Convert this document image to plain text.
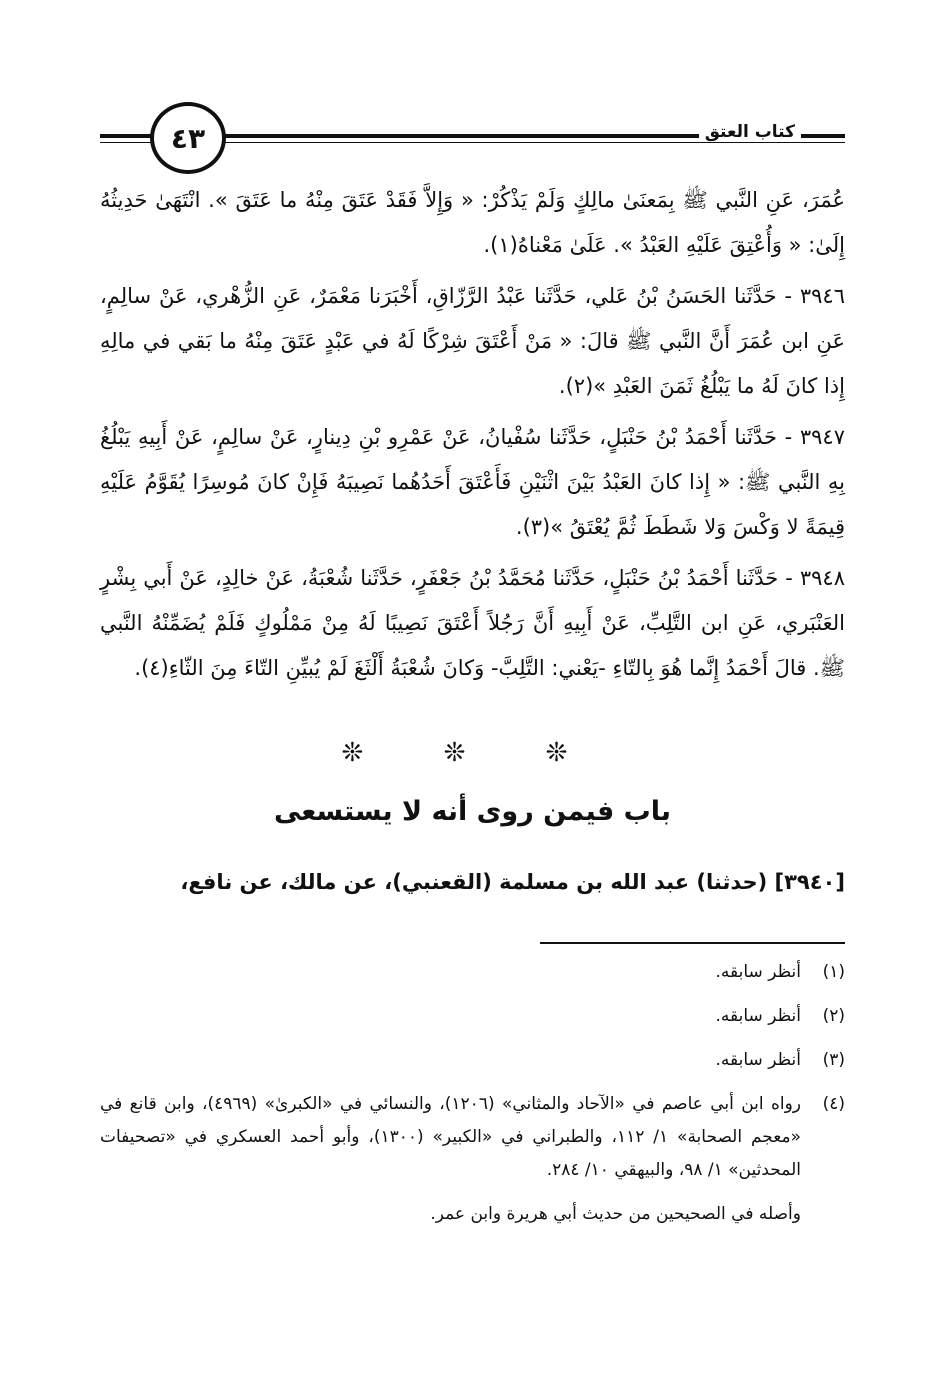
٤٣	كتاب العتق

عُمَرَ، عَنِ النَّبي ﷺ بِمَعنَىٰ مالِكٍ وَلَمْ يَذْكُرْ: « وَإِلاَّ فَقَدْ عَتَقَ مِنْهُ ما عَتَقَ ». انْتَهَىٰ حَدِيثُهُ إِلَىٰ: « وَأُعْتِقَ عَلَيْهِ العَبْدُ ». عَلَىٰ مَعْناهُ(١).

٣٩٤٦ - حَدَّثَنا الحَسَنُ بْنُ عَلي، حَدَّثَنا عَبْدُ الرَّزّاقِ، أَخْبَرَنا مَعْمَرٌ، عَنِ الزُّهْري، عَنْ سالِمٍ، عَنِ ابن عُمَرَ أَنَّ النَّبي ﷺ قالَ: « مَنْ أَعْتَقَ شِرْكًا لَهُ في عَبْدٍ عَتَقَ مِنْهُ ما بَقي في مالِهِ إِذا كانَ لَهُ ما يَبْلُغُ ثَمَنَ العَبْدِ »(٢).

٣٩٤٧ - حَدَّثَنا أَحْمَدُ بْنُ حَنْبَلٍ، حَدَّثَنا سُفْيانُ، عَنْ عَمْرِو بْنِ دِينارٍ، عَنْ سالِمٍ، عَنْ أَبِيهِ يَبْلُغُ بِهِ النَّبي ﷺ: « إِذا كانَ العَبْدُ بَيْنَ اثْنَيْنِ فَأَعْتَقَ أَحَدُهُما نَصِيبَهُ فَإِنْ كانَ مُوسِرًا يُقَوَّمُ عَلَيْهِ قِيمَةً لا وَكْسَ وَلا شَطَطَ ثُمَّ يُعْتَقُ »(٣).

٣٩٤٨ - حَدَّثَنا أَحْمَدُ بْنُ حَنْبَلٍ، حَدَّثَنا مُحَمَّدُ بْنُ جَعْفَرٍ، حَدَّثَنا شُعْبَةُ، عَنْ خالِدٍ، عَنْ أَبي بِشْرٍ العَنْبَري، عَنِ ابن التَّلِبِّ، عَنْ أَبِيهِ أَنَّ رَجُلاً أَعْتَقَ نَصِيبًا لَهُ مِنْ مَمْلُوكٍ فَلَمْ يُضَمِّنْهُ النَّبي ﷺ. قالَ أَحْمَدُ إِنَّما هُوَ بِالتّاءِ -يَعْني: التَّلِبَّ- وَكانَ شُعْبَةُ أَلْثَغَ لَمْ يُبيِّنِ التّاءَ مِنَ الثّاءِ(٤).

❊ ❊ ❊
باب فيمن روى أنه لا يستسعى
[٣٩٤٠] (حدثنا) عبد الله بن مسلمة (القعنبي)، عن مالك، عن نافع،
(١)
أنظر سابقه.
(٢)
أنظر سابقه.
(٣)
أنظر سابقه.
(٤)
رواه ابن أبي عاصم في «الآحاد والمثاني» (١٢٠٦)، والنسائي في «الكبرىٰ» (٤٩٦٩)، وابن قانع في «معجم الصحابة» ١/ ١١٢، والطبراني في «الكبير» (١٣٠٠)، وأبو أحمد العسكري في «تصحيفات المحدثين» ١/ ٩٨، والبيهقي ١٠/ ٢٨٤.
وأصله في الصحيحين من حديث أبي هريرة وابن عمر.
